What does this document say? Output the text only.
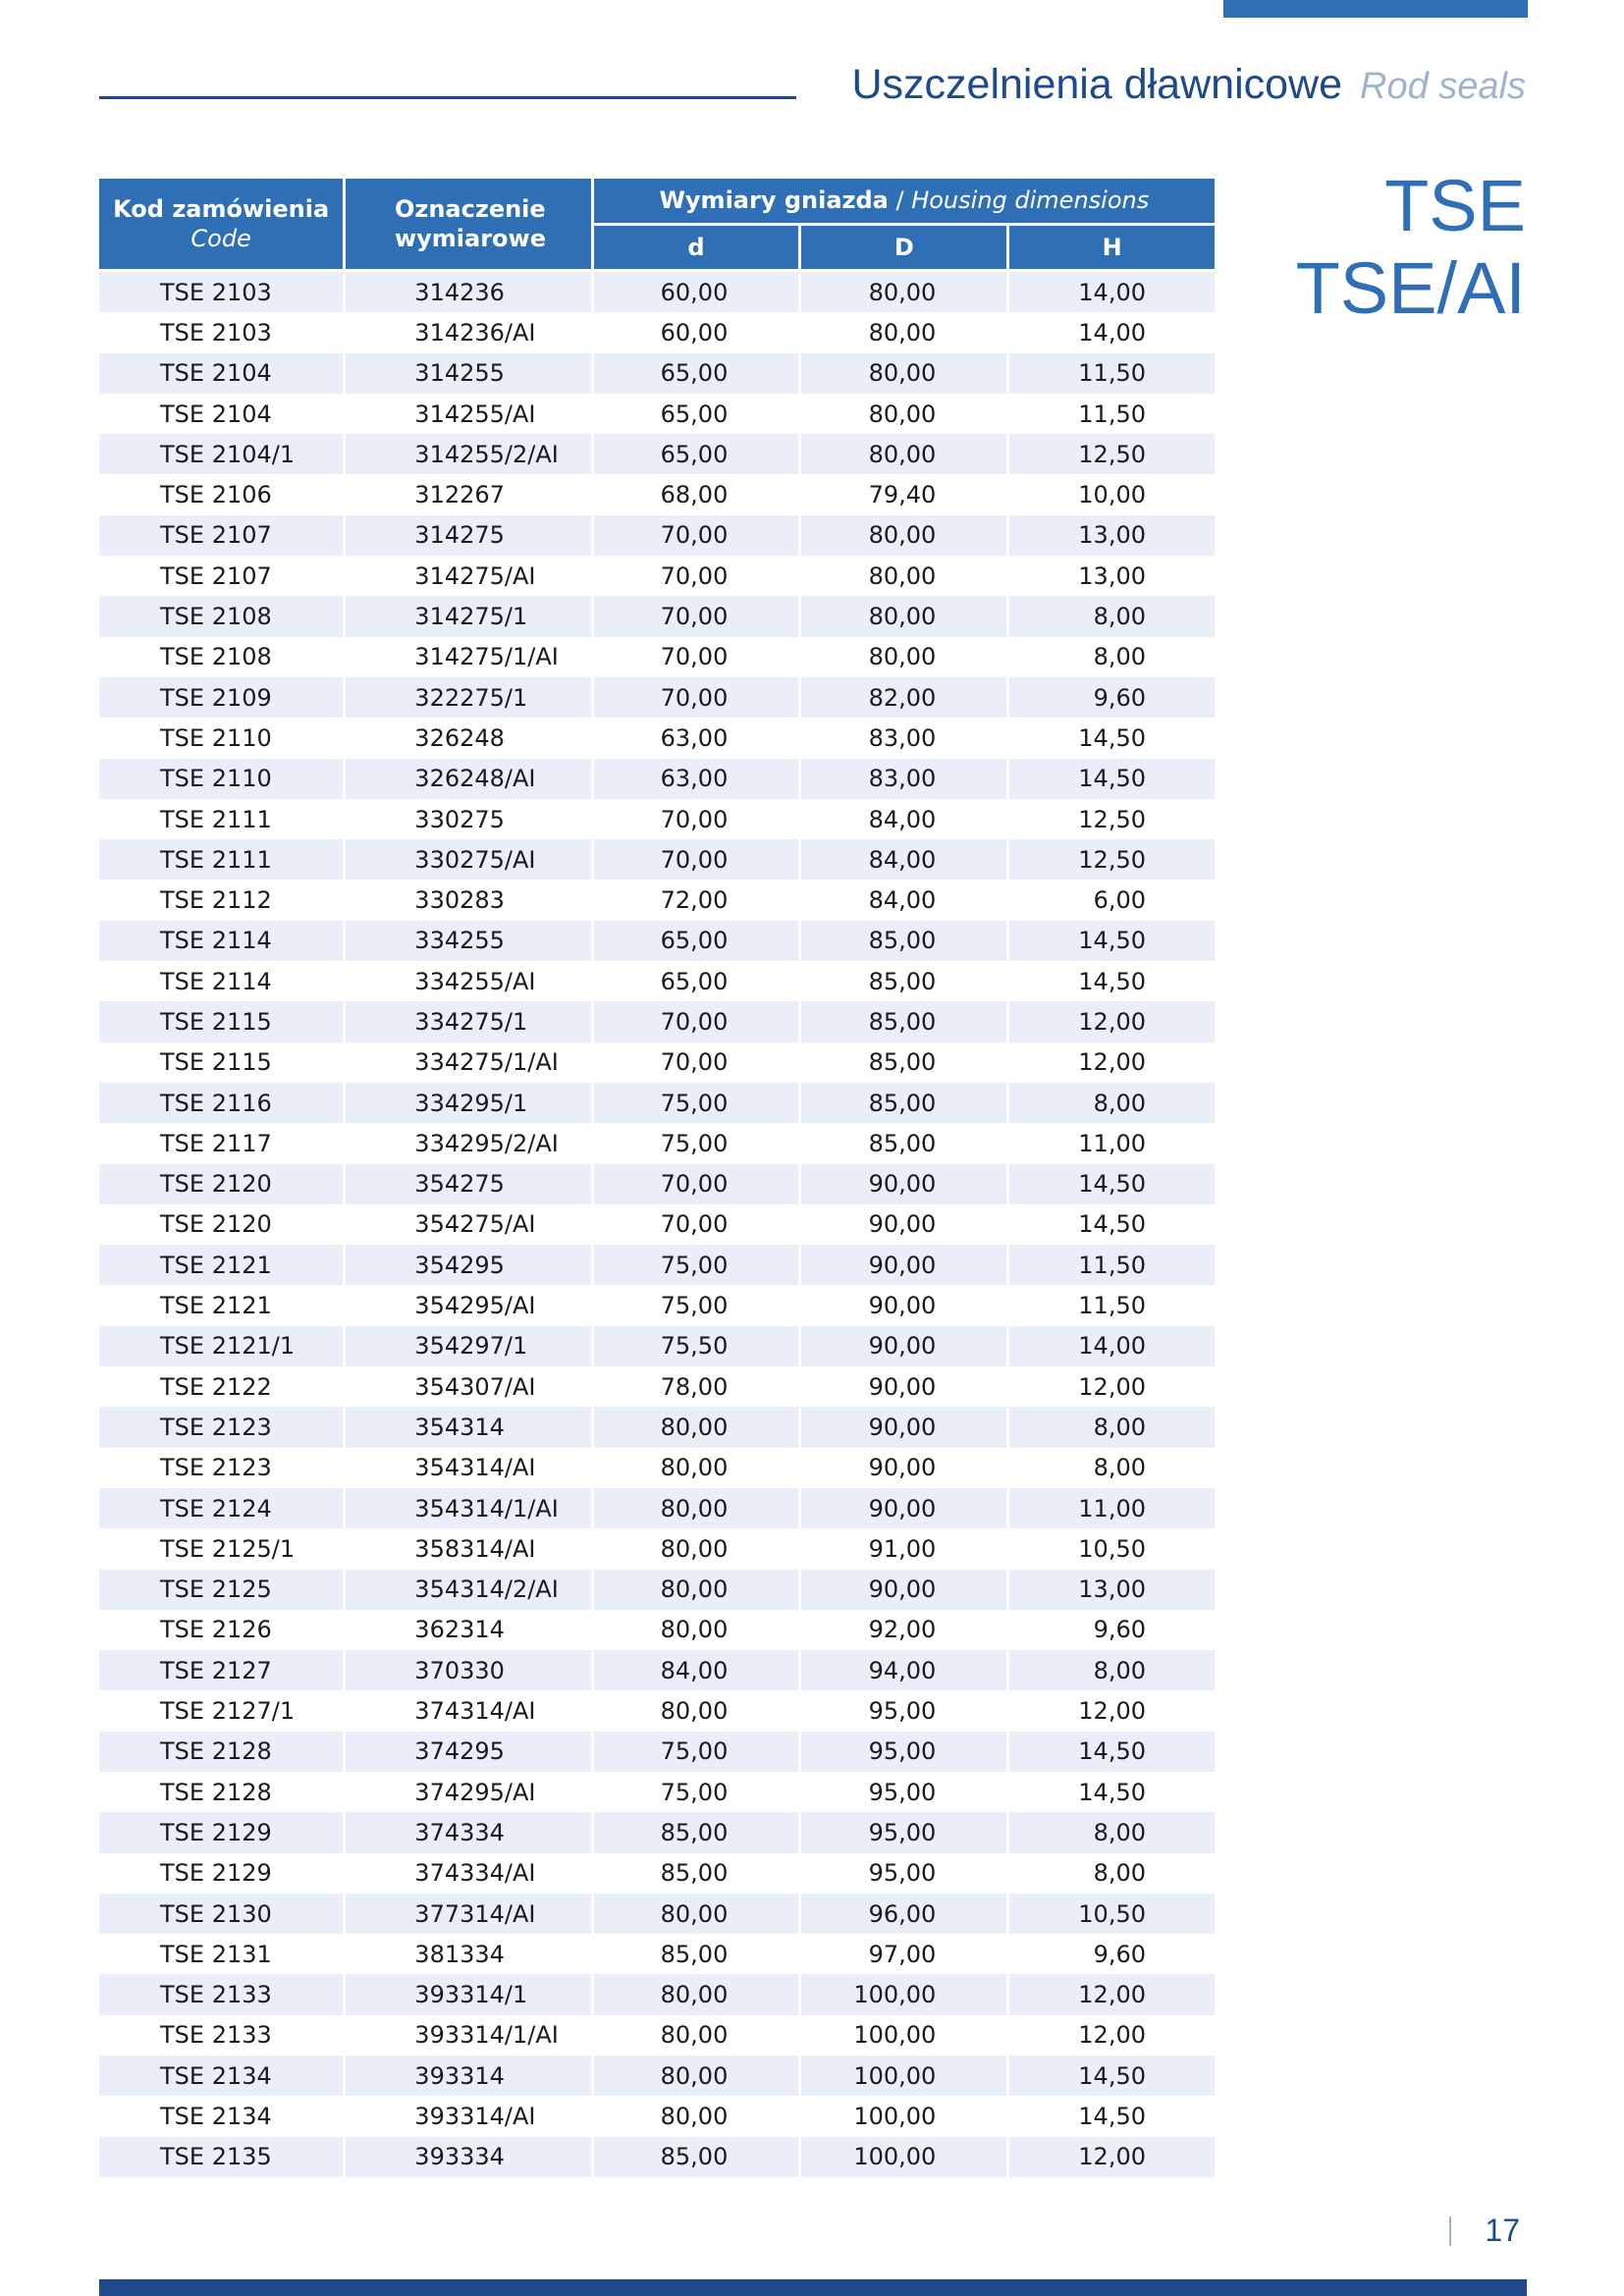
Uszczelnienia dławnicowe Rod seals
TSE
TSE/AI
Kod zamówienia
Code	Oznaczenie wymiarowe	Wymiary gniazda / Housing dimensions		
		d	D	H
TSE 2103	314236	60,00	80,00	14,00
TSE 2103	314236/AI	60,00	80,00	14,00
TSE 2104	314255	65,00	80,00	11,50
TSE 2104	314255/AI	65,00	80,00	11,50
TSE 2104/1	314255/2/AI	65,00	80,00	12,50
TSE 2106	312267	68,00	79,40	10,00
TSE 2107	314275	70,00	80,00	13,00
TSE 2107	314275/AI	70,00	80,00	13,00
TSE 2108	314275/1	70,00	80,00	8,00
TSE 2108	314275/1/AI	70,00	80,00	8,00
TSE 2109	322275/1	70,00	82,00	9,60
TSE 2110	326248	63,00	83,00	14,50
TSE 2110	326248/AI	63,00	83,00	14,50
TSE 2111	330275	70,00	84,00	12,50
TSE 2111	330275/AI	70,00	84,00	12,50
TSE 2112	330283	72,00	84,00	6,00
TSE 2114	334255	65,00	85,00	14,50
TSE 2114	334255/AI	65,00	85,00	14,50
TSE 2115	334275/1	70,00	85,00	12,00
TSE 2115	334275/1/AI	70,00	85,00	12,00
TSE 2116	334295/1	75,00	85,00	8,00
TSE 2117	334295/2/AI	75,00	85,00	11,00
TSE 2120	354275	70,00	90,00	14,50
TSE 2120	354275/AI	70,00	90,00	14,50
TSE 2121	354295	75,00	90,00	11,50
TSE 2121	354295/AI	75,00	90,00	11,50
TSE 2121/1	354297/1	75,50	90,00	14,00
TSE 2122	354307/AI	78,00	90,00	12,00
TSE 2123	354314	80,00	90,00	8,00
TSE 2123	354314/AI	80,00	90,00	8,00
TSE 2124	354314/1/AI	80,00	90,00	11,00
TSE 2125/1	358314/AI	80,00	91,00	10,50
TSE 2125	354314/2/AI	80,00	90,00	13,00
TSE 2126	362314	80,00	92,00	9,60
TSE 2127	370330	84,00	94,00	8,00
TSE 2127/1	374314/AI	80,00	95,00	12,00
TSE 2128	374295	75,00	95,00	14,50
TSE 2128	374295/AI	75,00	95,00	14,50
TSE 2129	374334	85,00	95,00	8,00
TSE 2129	374334/AI	85,00	95,00	8,00
TSE 2130	377314/AI	80,00	96,00	10,50
TSE 2131	381334	85,00	97,00	9,60
TSE 2133	393314/1	80,00	100,00	12,00
TSE 2133	393314/1/AI	80,00	100,00	12,00
TSE 2134	393314	80,00	100,00	14,50
TSE 2134	393314/AI	80,00	100,00	14,50
TSE 2135	393334	85,00	100,00	12,00
17
